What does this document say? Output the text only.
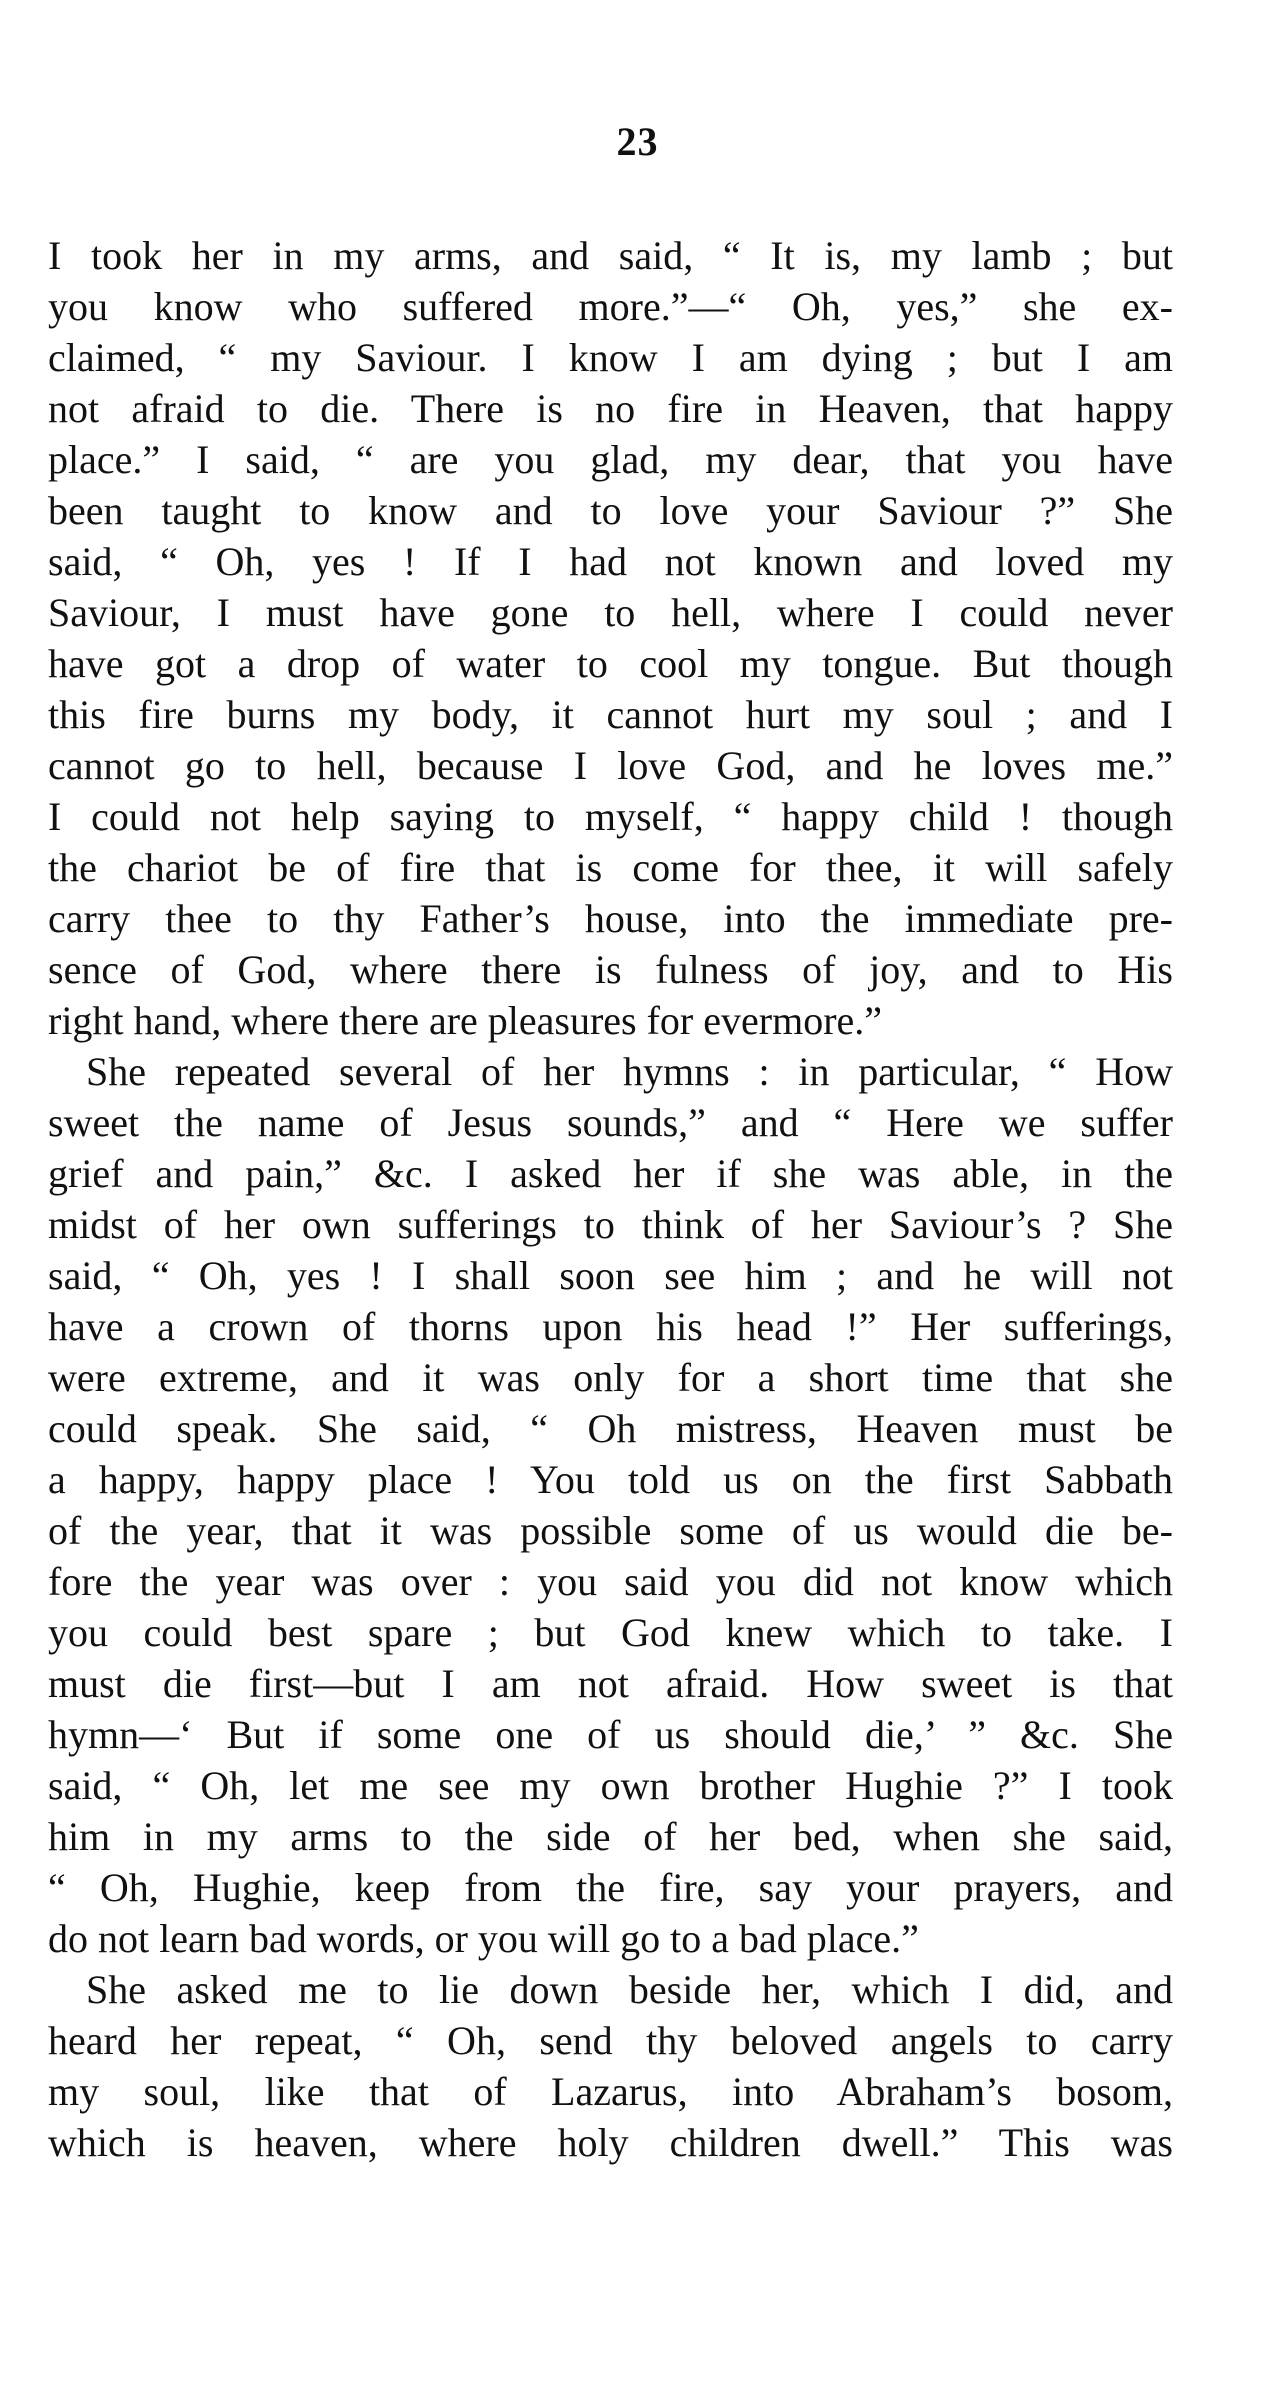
23
I took her in my arms, and said, “ It is, my lamb ; but
you know who suffered more.”—“ Oh, yes,” she ex-
claimed, “ my Saviour. I know I am dying ; but I am
not afraid to die. There is no fire in Heaven, that happy
place.” I said, “ are you glad, my dear, that you have
been taught to know and to love your Saviour ?” She
said, “ Oh, yes ! If I had not known and loved my
Saviour, I must have gone to hell, where I could never
have got a drop of water to cool my tongue. But though
this fire burns my body, it cannot hurt my soul ; and I
cannot go to hell, because I love God, and he loves me.”
I could not help saying to myself, “ happy child ! though
the chariot be of fire that is come for thee, it will safely
carry thee to thy Father’s house, into the immediate pre-
sence of God, where there is fulness of joy, and to His
right hand, where there are pleasures for evermore.”
She repeated several of her hymns : in particular, “ How
sweet the name of Jesus sounds,” and “ Here we suffer
grief and pain,” &c. I asked her if she was able, in the
midst of her own sufferings to think of her Saviour’s ? She
said, “ Oh, yes ! I shall soon see him ; and he will not
have a crown of thorns upon his head !” Her sufferings,
were extreme, and it was only for a short time that she
could speak. She said, “ Oh mistress, Heaven must be
a happy, happy place ! You told us on the first Sabbath
of the year, that it was possible some of us would die be-
fore the year was over : you said you did not know which
you could best spare ; but God knew which to take. I
must die first—but I am not afraid. How sweet is that
hymn—‘ But if some one of us should die,’ ” &c. She
said, “ Oh, let me see my own brother Hughie ?” I took
him in my arms to the side of her bed, when she said,
“ Oh, Hughie, keep from the fire, say your prayers, and
do not learn bad words, or you will go to a bad place.”
She asked me to lie down beside her, which I did, and
heard her repeat, “ Oh, send thy beloved angels to carry
my soul, like that of Lazarus, into Abraham’s bosom,
which is heaven, where holy children dwell.” This was
